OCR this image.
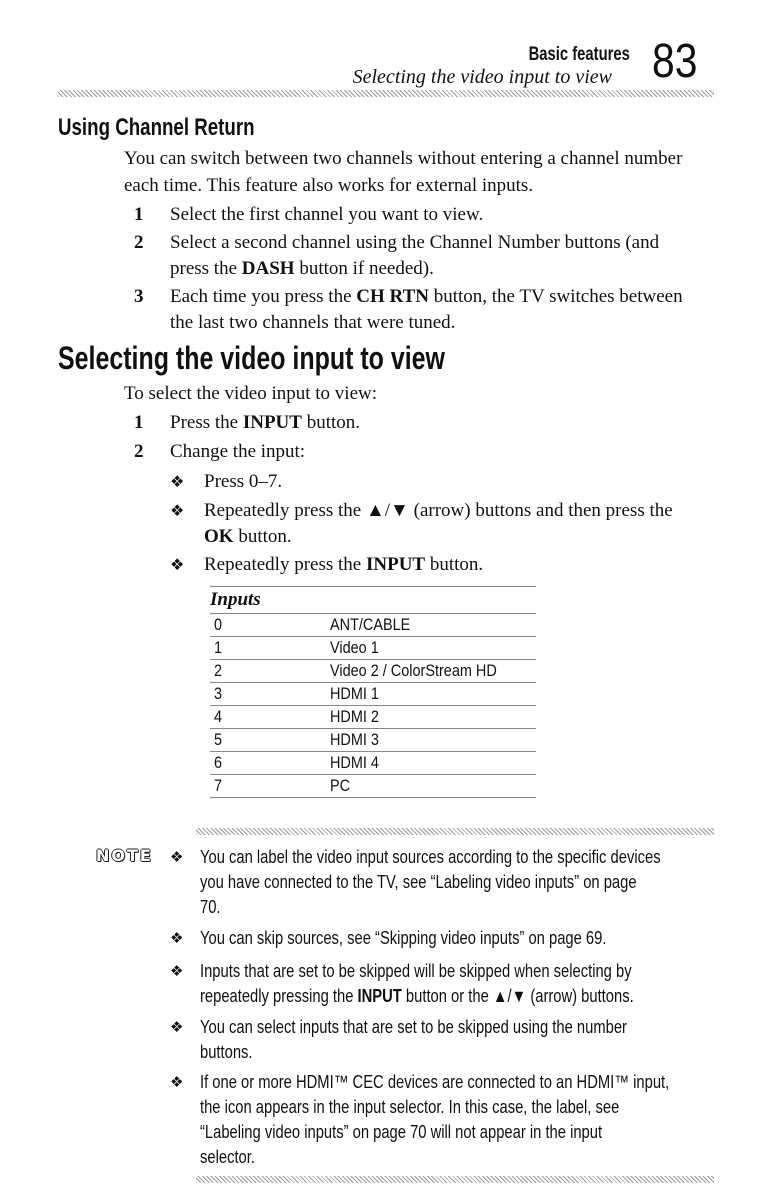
Basic features
Selecting the video input to view 83
Using Channel Return
You can switch between two channels without entering a channel number
each time. This feature also works for external inputs.
1 Select the first channel you want to view.
2 Select a second channel using the Channel Number buttons (and
press the DASH button if needed).
3 Each time you press the CH RTN button, the TV switches between
the last two channels that were tuned.
Selecting the video input to view
To select the video input to view:
1 Press the INPUT button.
2 Change the input:
❖ Press 0–7.
❖ Repeatedly press the ▲/▼ (arrow) buttons and then press the
OK button.
❖ Repeatedly press the INPUT button.
Inputs
0	ANT/CABLE
1	Video 1
2	Video 2 / ColorStream HD
3	HDMI 1
4	HDMI 2
5	HDMI 3
6	HDMI 4
7	PC
NOTE ❖ You can label the video input sources according to the specific devices
you have connected to the TV, see “Labeling video inputs” on page
70.
❖ You can skip sources, see “Skipping video inputs” on page 69.
❖ Inputs that are set to be skipped will be skipped when selecting by
repeatedly pressing the INPUT button or the ▲/▼ (arrow) buttons.
❖ You can select inputs that are set to be skipped using the number
buttons.
❖ If one or more HDMI™ CEC devices are connected to an HDMI™ input,
the icon appears in the input selector. In this case, the label, see
“Labeling video inputs” on page 70 will not appear in the input
selector.
